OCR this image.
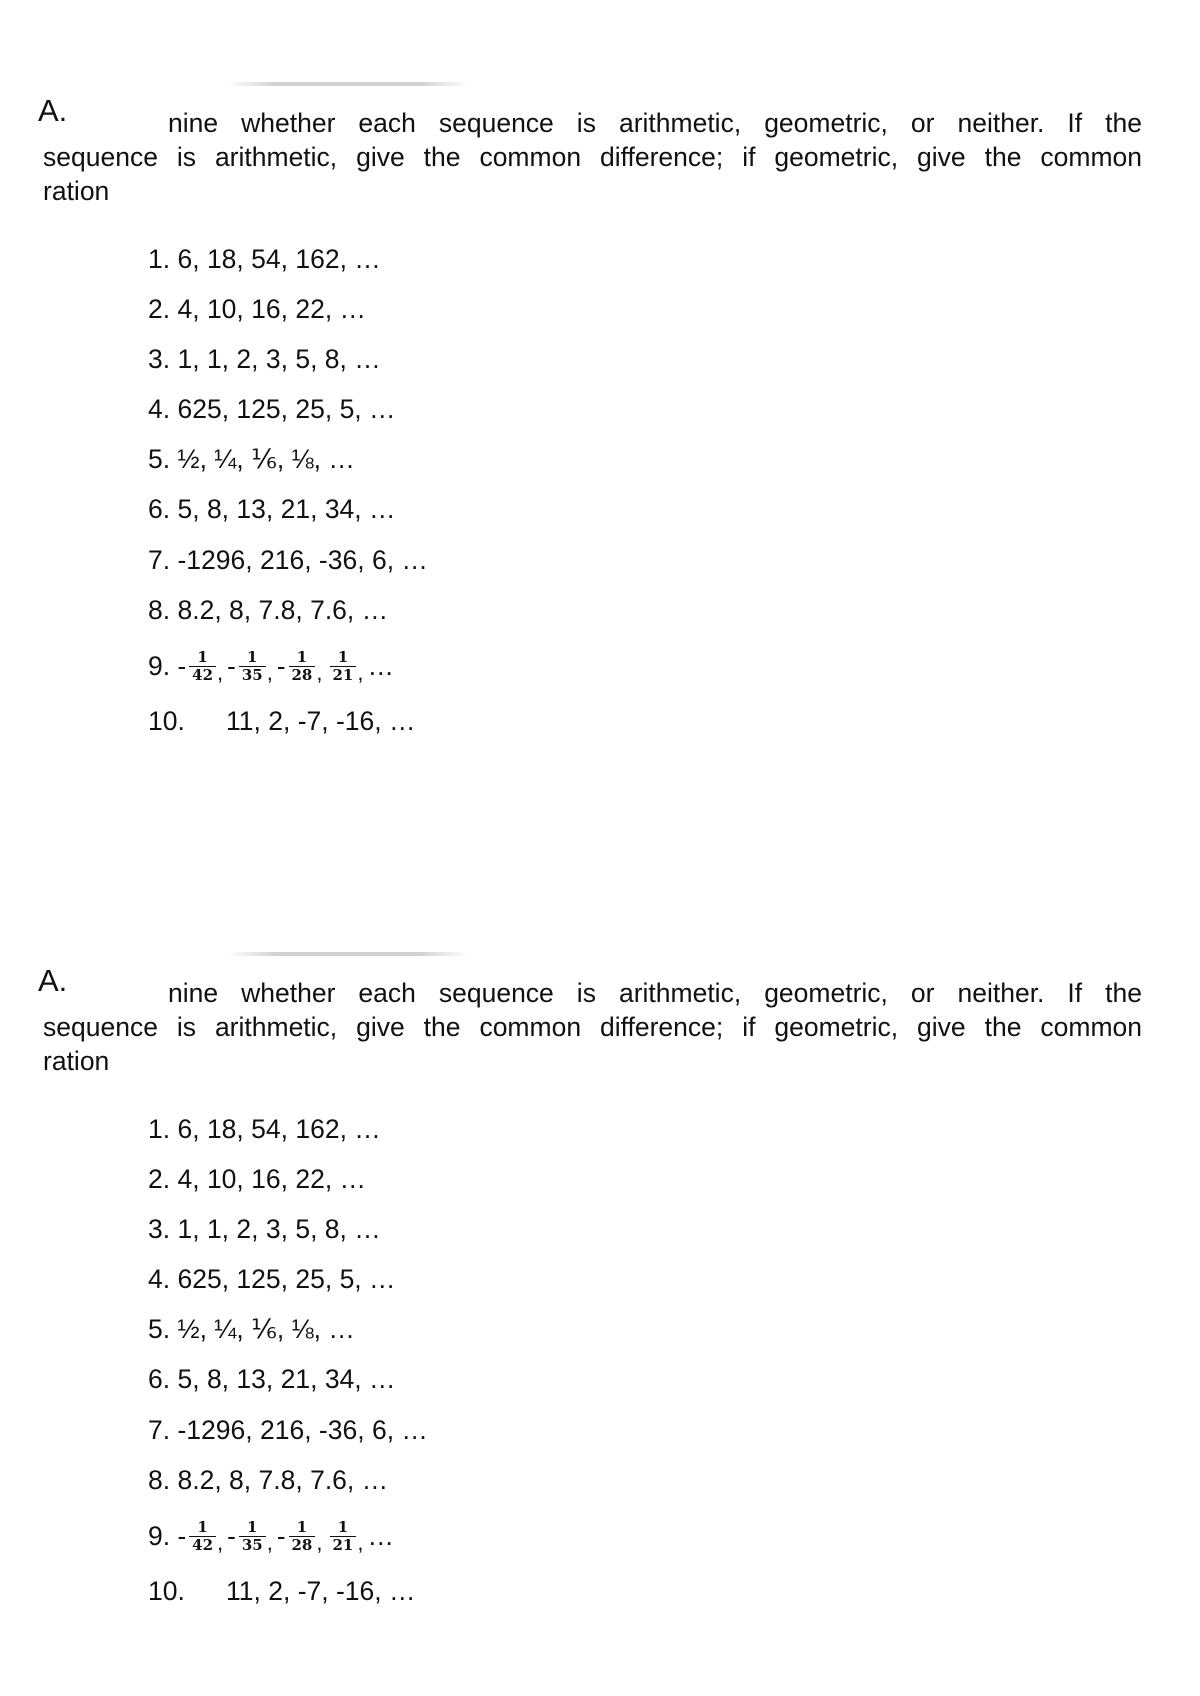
A.	nine whether each sequence is arithmetic, geometric, or neither. If the
sequence is arithmetic, give the common difference; if geometric, give the common
ration
1. 6, 18, 54, 162, …
2. 4, 10, 16, 22, …
3. 1, 1, 2, 3, 5, 8, …
4. 625, 125, 25, 5, …
5. ½, ¼, ⅙, ⅛, …
6. 5, 8, 13, 21, 34, …
7. -1296, 216, -36, 6, …
8. 8.2, 8, 7.8, 7.6, …
9. - $\frac{1}{42}$ , - $\frac{1}{35}$ , - $\frac{1}{28}$ , $\frac{1}{21}$ , …
10. 11, 2, -7, -16, …
A.	nine whether each sequence is arithmetic, geometric, or neither. If the
sequence is arithmetic, give the common difference; if geometric, give the common
ration
1. 6, 18, 54, 162, …
2. 4, 10, 16, 22, …
3. 1, 1, 2, 3, 5, 8, …
4. 625, 125, 25, 5, …
5. ½, ¼, ⅙, ⅛, …
6. 5, 8, 13, 21, 34, …
7. -1296, 216, -36, 6, …
8. 8.2, 8, 7.8, 7.6, …
9. - $\frac{1}{42}$ , - $\frac{1}{35}$ , - $\frac{1}{28}$ , $\frac{1}{21}$ , …
10. 11, 2, -7, -16, …
